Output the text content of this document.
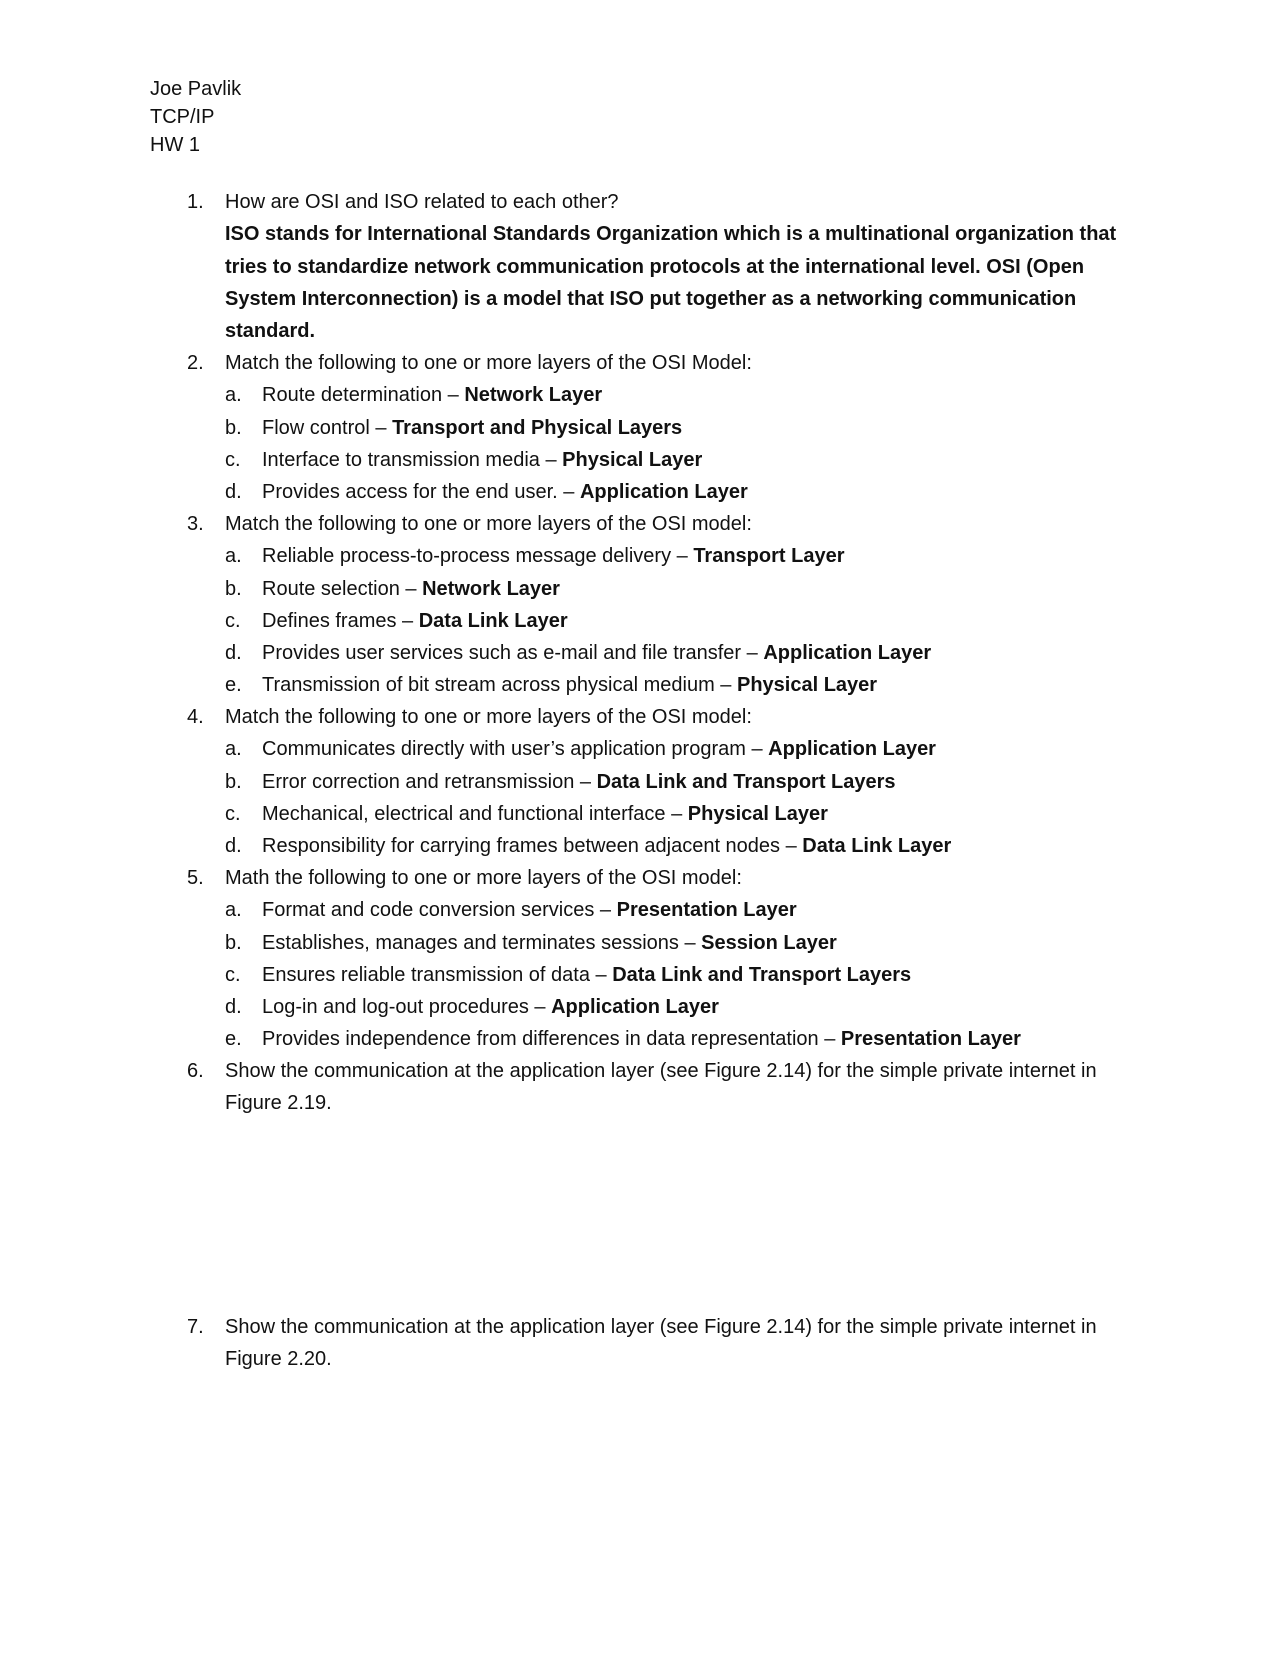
Joe Pavlik
TCP/IP
HW 1
1. How are OSI and ISO related to each other?
ISO stands for International Standards Organization which is a multinational organization that tries to standardize network communication protocols at the international level. OSI (Open System Interconnection) is a model that ISO put together as a networking communication standard.
2. Match the following to one or more layers of the OSI Model:
a. Route determination – Network Layer
b. Flow control – Transport and Physical Layers
c. Interface to transmission media – Physical Layer
d. Provides access for the end user. – Application Layer
3. Match the following to one or more layers of the OSI model:
a. Reliable process-to-process message delivery – Transport Layer
b. Route selection – Network Layer
c. Defines frames – Data Link Layer
d. Provides user services such as e-mail and file transfer – Application Layer
e. Transmission of bit stream across physical medium – Physical Layer
4. Match the following to one or more layers of the OSI model:
a. Communicates directly with user’s application program – Application Layer
b. Error correction and retransmission – Data Link and Transport Layers
c. Mechanical, electrical and functional interface – Physical Layer
d. Responsibility for carrying frames between adjacent nodes – Data Link Layer
5. Math the following to one or more layers of the OSI model:
a. Format and code conversion services – Presentation Layer
b. Establishes, manages and terminates sessions – Session Layer
c. Ensures reliable transmission of data – Data Link and Transport Layers
d. Log-in and log-out procedures – Application Layer
e. Provides independence from differences in data representation – Presentation Layer
6. Show the communication at the application layer (see Figure 2.14) for the simple private internet in Figure 2.19.
7. Show the communication at the application layer (see Figure 2.14) for the simple private internet in Figure 2.20.
